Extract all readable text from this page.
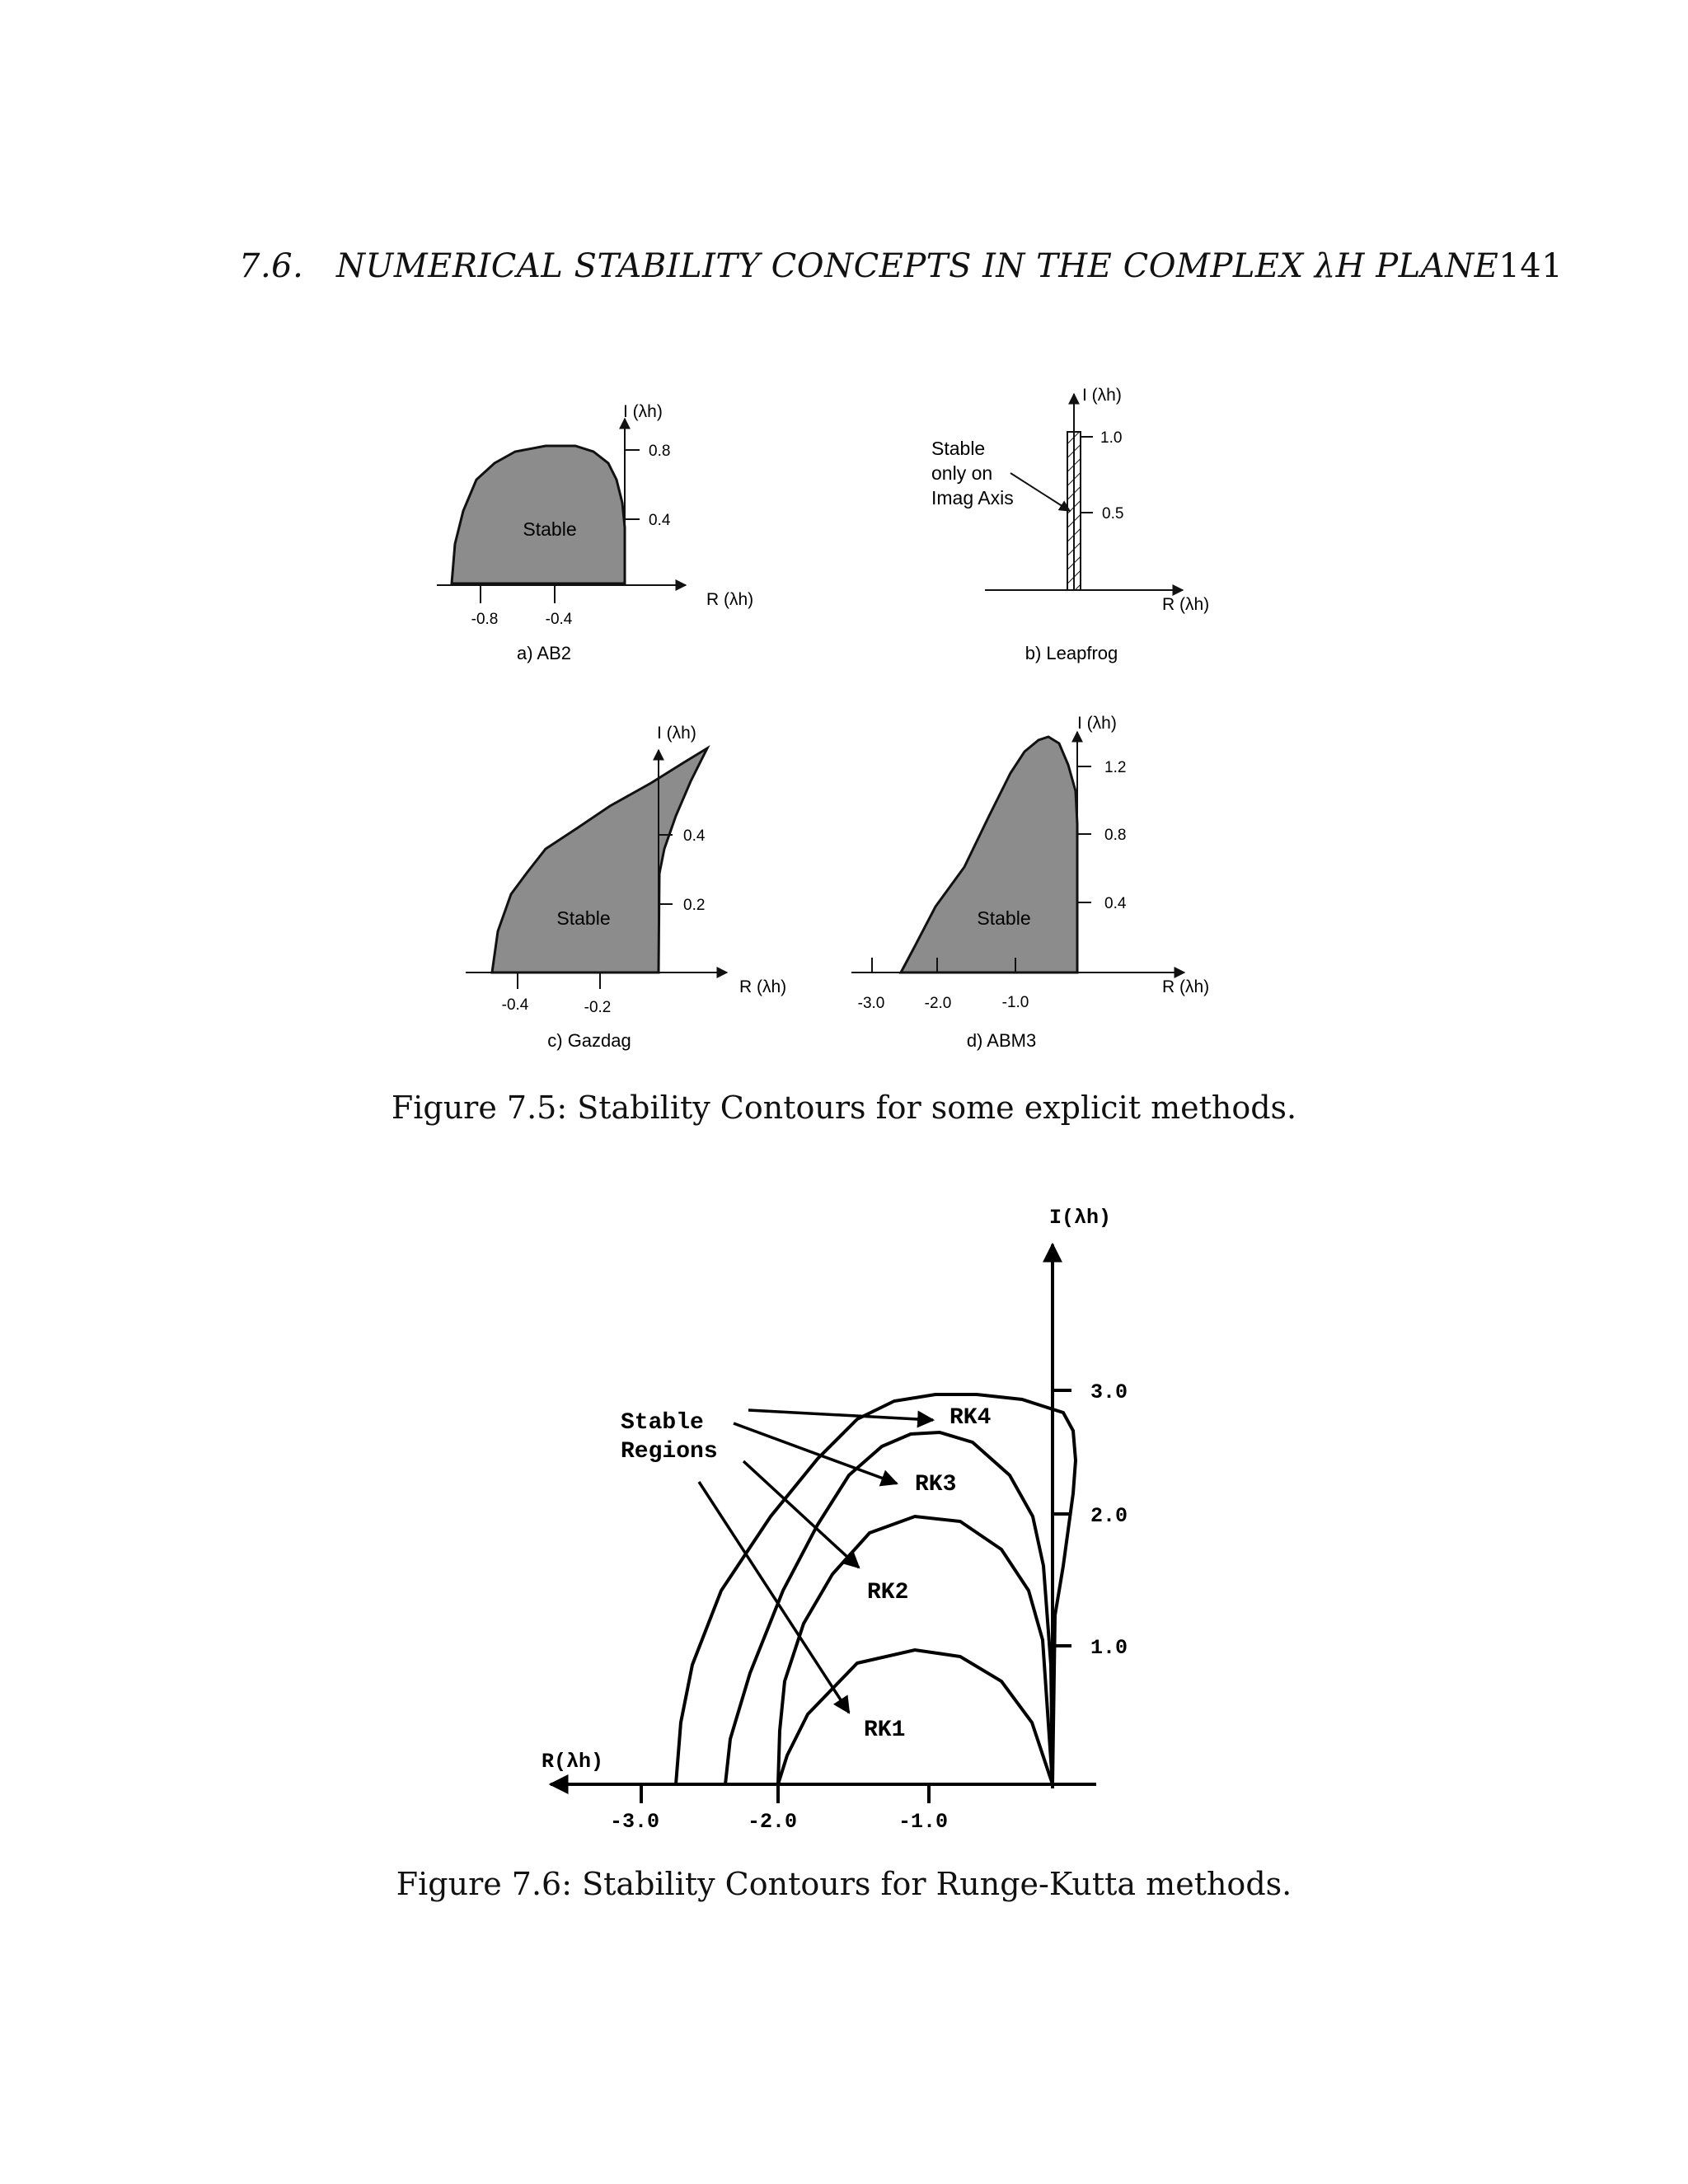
7.6. NUMERICAL STABILITY CONCEPTS IN THE COMPLEX λH PLANE141
-0.8	-0.4
0.8
0.4
I (λh)
R (λh)
Stable
a) AB2
1.0
0.5
I (λh)
R (λh)
Stable
only on
Imag Axis
b) Leapfrog
-0.4	-0.2
0.4
0.2
I (λh)
R (λh)
Stable
c) Gazdag
-3.0	-2.0	-1.0
1.2
0.8
0.4
I (λh)
R (λh)
Stable
d) ABM3
-3.0	-2.0	-1.0
3.0
2.0
1.0
I(λh)
R(λh)
Stable
Regions
RK4
RK3
RK2
RK1
Figure 7.5: Stability Contours for some explicit methods.
Figure 7.6: Stability Contours for Runge-Kutta methods.
